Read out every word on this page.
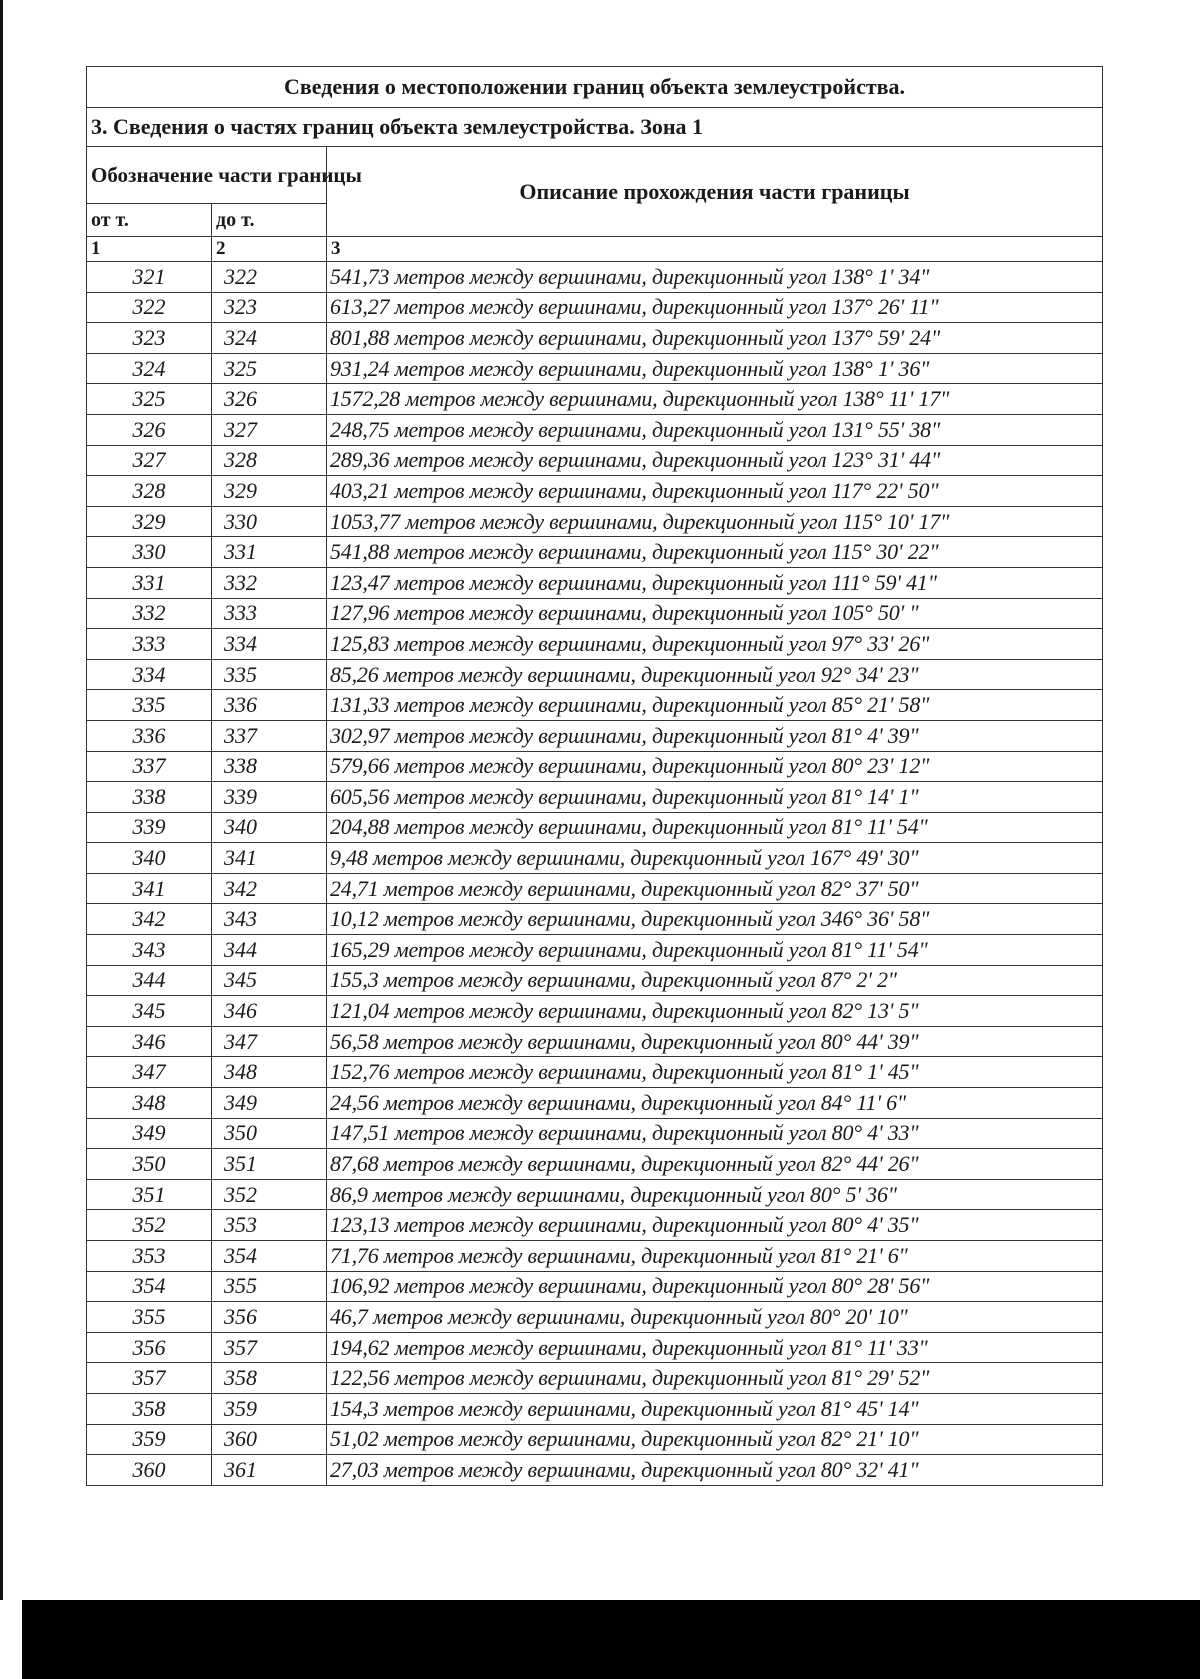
Сведения о местоположении границ объекта землеустройства.		
3. Сведения о частях границ объекта землеустройства. Зона 1		
Обозначение части границы		Описание прохождения части границы
от т.	до т.	
1	2	3
321	322	541,73 метров между вершинами, дирекционный угол 138° 1' 34"
322	323	613,27 метров между вершинами, дирекционный угол 137° 26' 11"
323	324	801,88 метров между вершинами, дирекционный угол 137° 59' 24"
324	325	931,24 метров между вершинами, дирекционный угол 138° 1' 36"
325	326	1572,28 метров между вершинами, дирекционный угол 138° 11' 17"
326	327	248,75 метров между вершинами, дирекционный угол 131° 55' 38"
327	328	289,36 метров между вершинами, дирекционный угол 123° 31' 44"
328	329	403,21 метров между вершинами, дирекционный угол 117° 22' 50"
329	330	1053,77 метров между вершинами, дирекционный угол 115° 10' 17"
330	331	541,88 метров между вершинами, дирекционный угол 115° 30' 22"
331	332	123,47 метров между вершинами, дирекционный угол 111° 59' 41"
332	333	127,96 метров между вершинами, дирекционный угол 105° 50' "
333	334	125,83 метров между вершинами, дирекционный угол 97° 33' 26"
334	335	85,26 метров между вершинами, дирекционный угол 92° 34' 23"
335	336	131,33 метров между вершинами, дирекционный угол 85° 21' 58"
336	337	302,97 метров между вершинами, дирекционный угол 81° 4' 39"
337	338	579,66 метров между вершинами, дирекционный угол 80° 23' 12"
338	339	605,56 метров между вершинами, дирекционный угол 81° 14' 1"
339	340	204,88 метров между вершинами, дирекционный угол 81° 11' 54"
340	341	9,48 метров между вершинами, дирекционный угол 167° 49' 30"
341	342	24,71 метров между вершинами, дирекционный угол 82° 37' 50"
342	343	10,12 метров между вершинами, дирекционный угол 346° 36' 58"
343	344	165,29 метров между вершинами, дирекционный угол 81° 11' 54"
344	345	155,3 метров между вершинами, дирекционный угол 87° 2' 2"
345	346	121,04 метров между вершинами, дирекционный угол 82° 13' 5"
346	347	56,58 метров между вершинами, дирекционный угол 80° 44' 39"
347	348	152,76 метров между вершинами, дирекционный угол 81° 1' 45"
348	349	24,56 метров между вершинами, дирекционный угол 84° 11' 6"
349	350	147,51 метров между вершинами, дирекционный угол 80° 4' 33"
350	351	87,68 метров между вершинами, дирекционный угол 82° 44' 26"
351	352	86,9 метров между вершинами, дирекционный угол 80° 5' 36"
352	353	123,13 метров между вершинами, дирекционный угол 80° 4' 35"
353	354	71,76 метров между вершинами, дирекционный угол 81° 21' 6"
354	355	106,92 метров между вершинами, дирекционный угол 80° 28' 56"
355	356	46,7 метров между вершинами, дирекционный угол 80° 20' 10"
356	357	194,62 метров между вершинами, дирекционный угол 81° 11' 33"
357	358	122,56 метров между вершинами, дирекционный угол 81° 29' 52"
358	359	154,3 метров между вершинами, дирекционный угол 81° 45' 14"
359	360	51,02 метров между вершинами, дирекционный угол 82° 21' 10"
360	361	27,03 метров между вершинами, дирекционный угол 80° 32' 41"
